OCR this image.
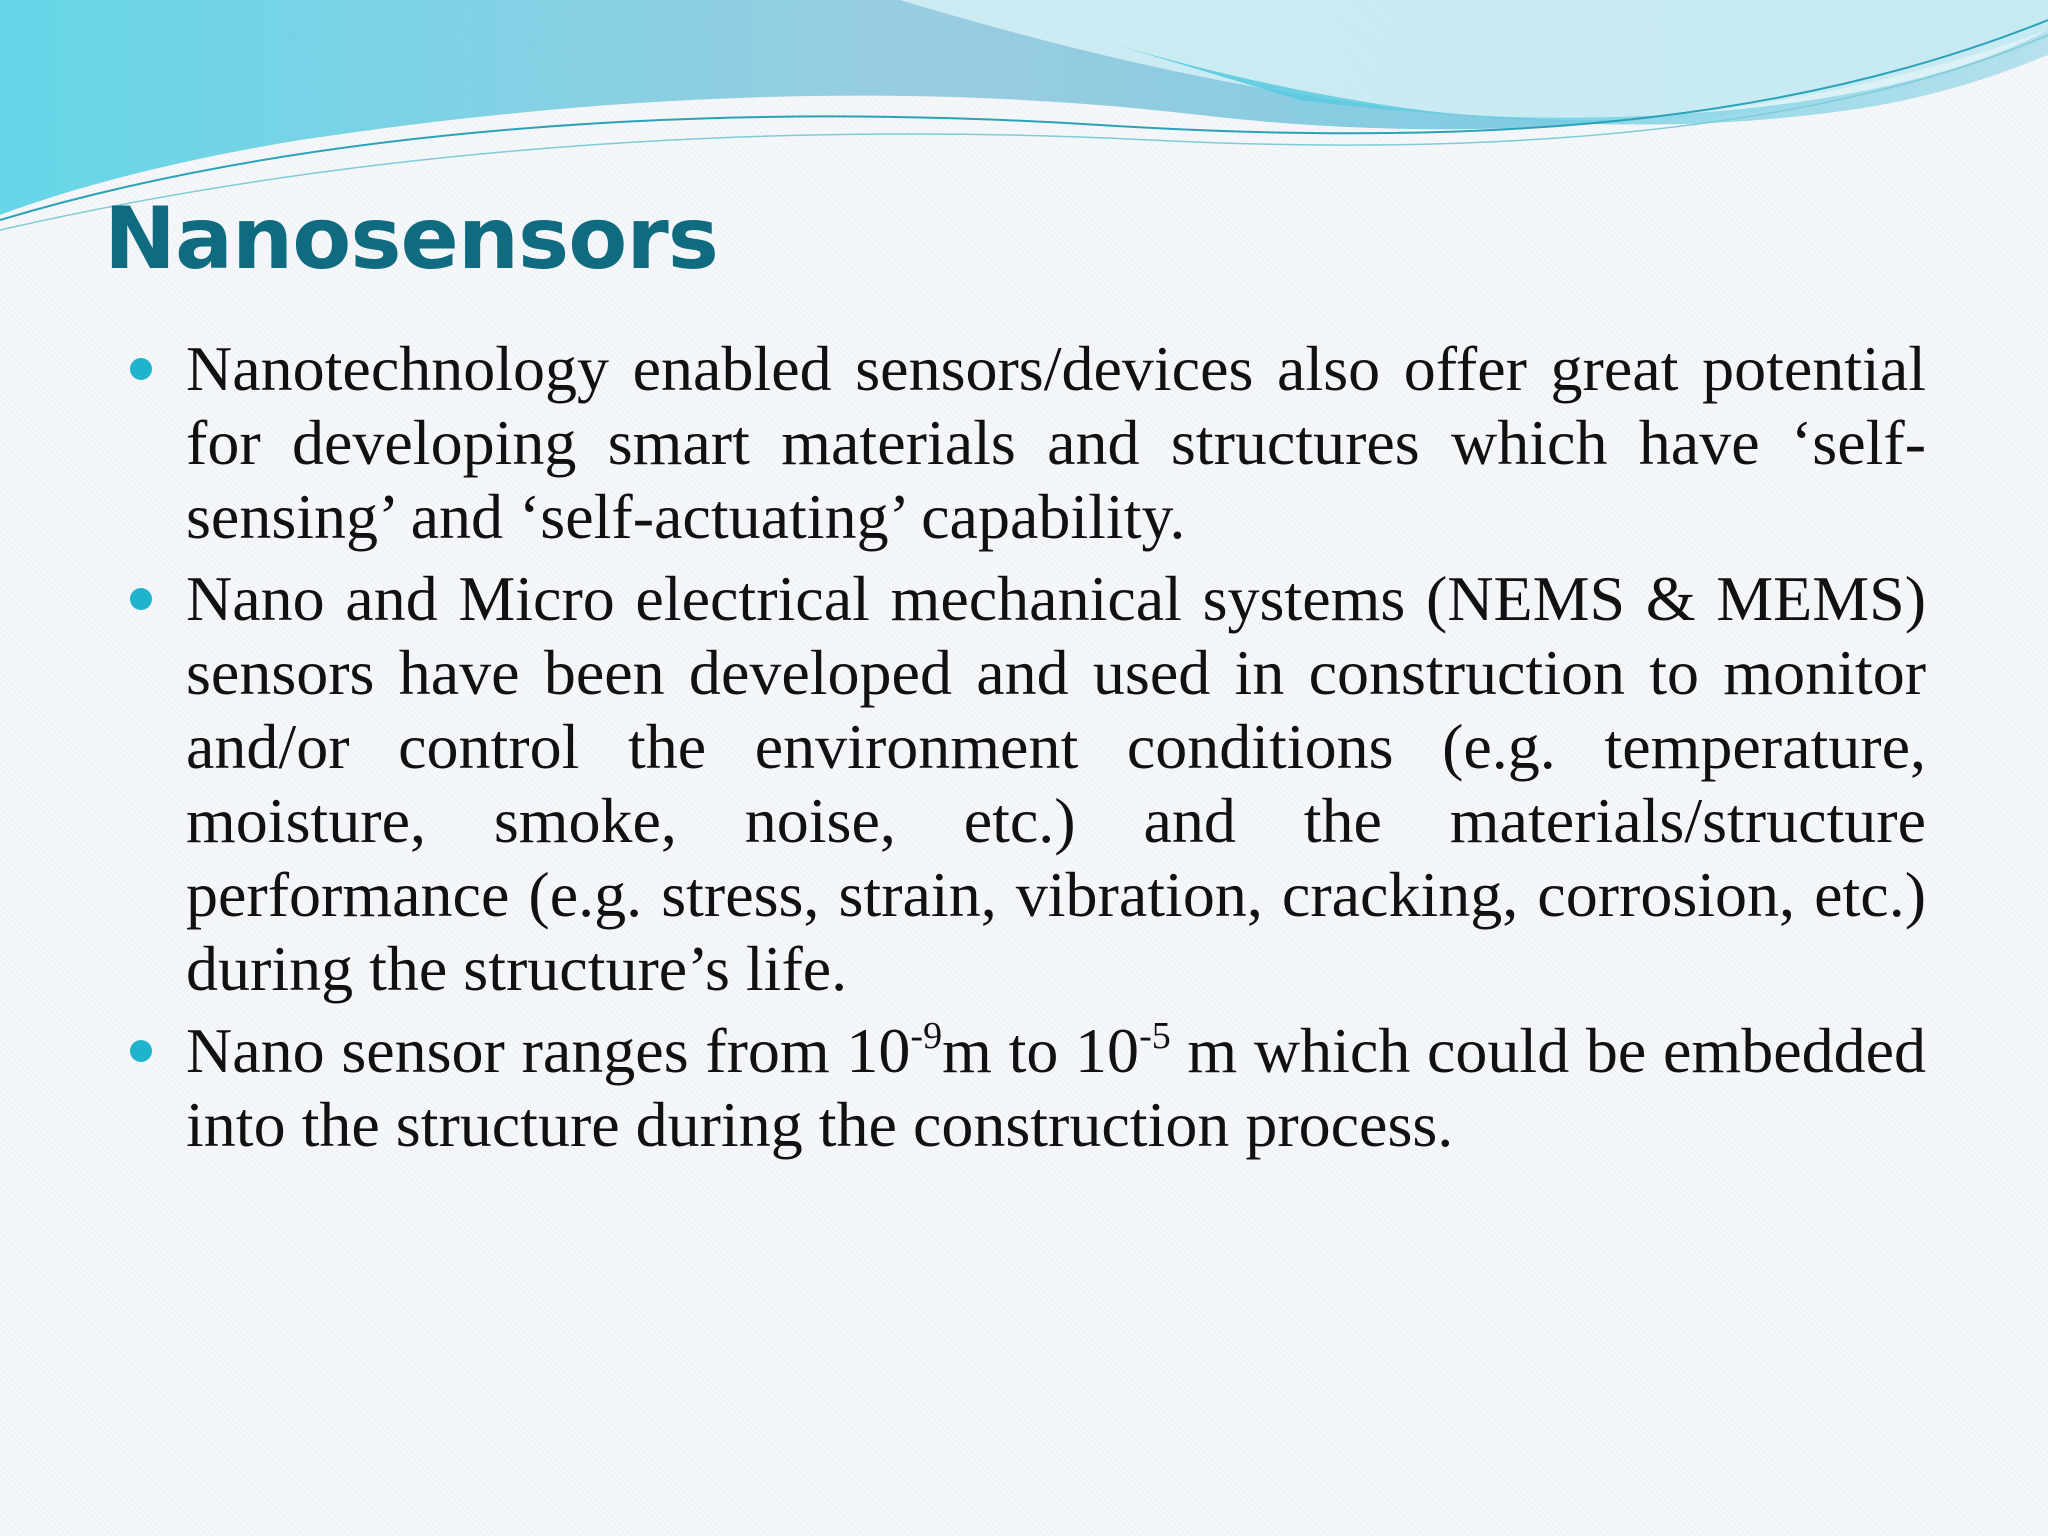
Nanosensors
Nanotechnology enabled sensors/devices also offer great potential for developing smart materials and structures which have ‘self-sensing’ and ‘self-actuating’ capability.
Nano and Micro electrical mechanical systems (NEMS & MEMS) sensors have been developed and used in construction to monitor and/or control the environment conditions (e.g. temperature, moisture, smoke, noise, etc.) and the materials/structure performance (e.g. stress, strain, vibration, cracking, corrosion, etc.) during the structure’s life.
Nano sensor ranges from $10^{-9}m$ to $10^{-5}$ m which could be embedded into the structure during the construction process.
